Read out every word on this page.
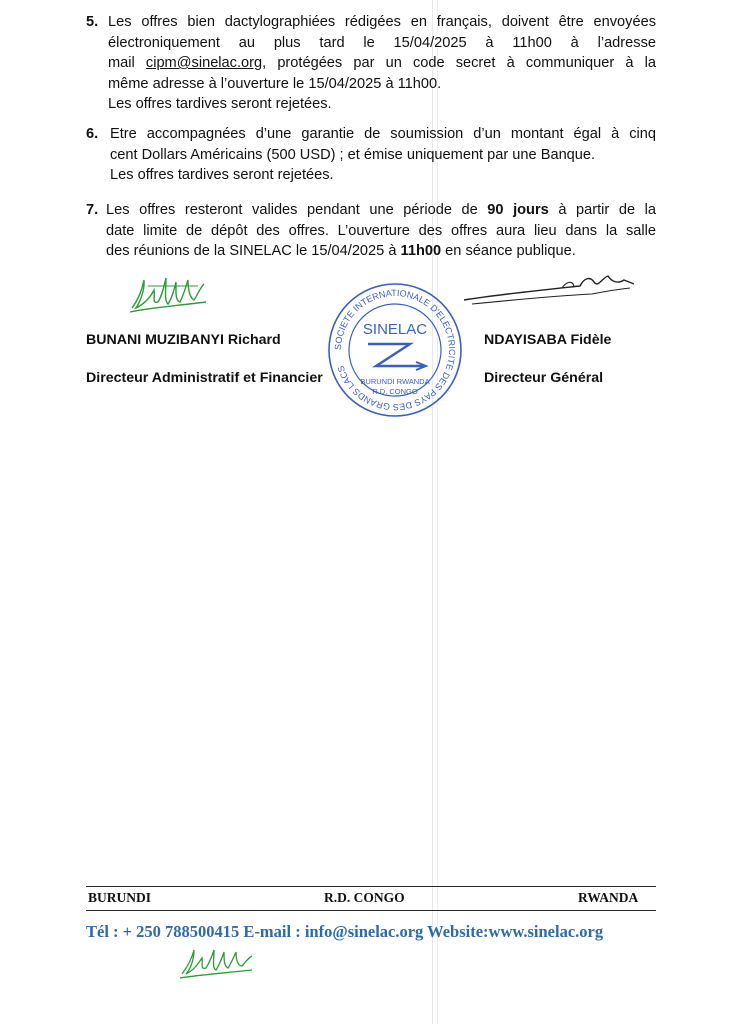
5. Les offres bien dactylographiées rédigées en français, doivent être envoyées
électroniquement au plus tard le 15/04/2025 à 11h00 à l’adresse
mail cipm@sinelac.org, protégées par un code secret à communiquer à la
même adresse à l’ouverture le 15/04/2025 à 11h00.
Les offres tardives seront rejetées.
6. Etre accompagnées d’une garantie de soumission d’un montant égal à cinq
cent Dollars Américains (500 USD) ; et émise uniquement par une Banque.
Les offres tardives seront rejetées.
7. Les offres resteront valides pendant une période de 90 jours à partir de la
date limite de dépôt des offres. L’ouverture des offres aura lieu dans la salle
des réunions de la SINELAC le 15/04/2025 à 11h00 en séance publique.
BUNANI MUZIBANYI Richard
Directeur Administratif et Financier
NDAYISABA Fidèle
Directeur Général
SOCIETE INTERNATIONALE D'ELECTRICITE DES PAYS DES GRANDS LACS
SINELAC
BURUNDI RWANDA
R.D. CONGO
BURUNDI	R.D. CONGO	RWANDA
Tél : + 250 788500415 E-mail : info@sinelac.org Website:www.sinelac.org
